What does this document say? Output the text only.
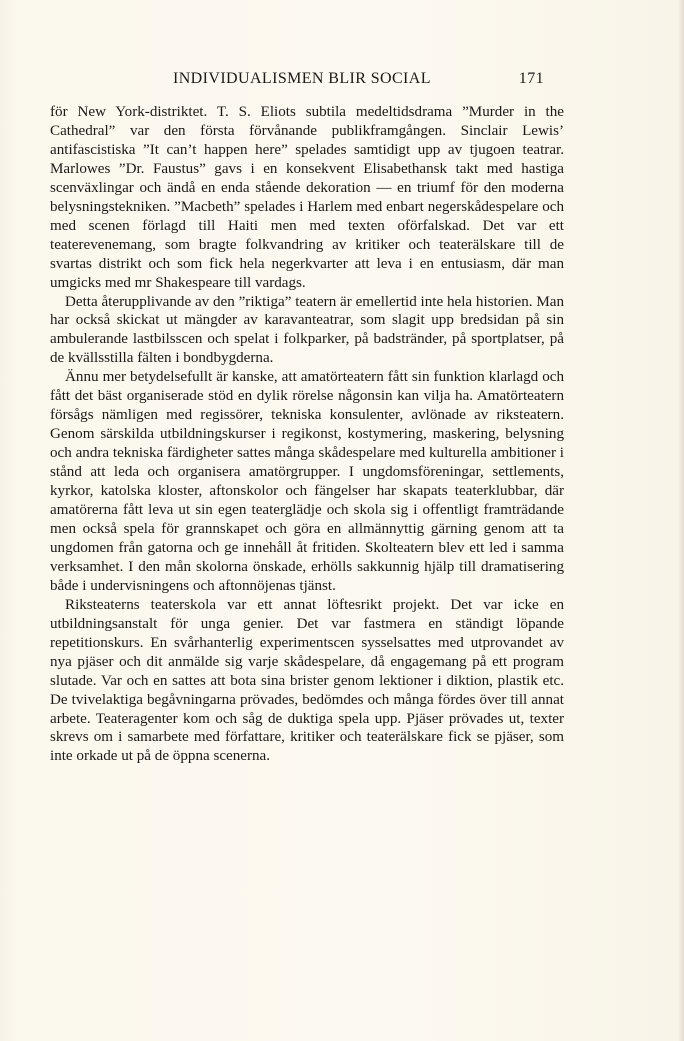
INDIVIDUALISMEN BLIR SOCIAL	171

för New York-distriktet. T. S. Eliots subtila medeltidsdrama ”Murder in the Cathedral” var den första förvånande publikframgången. Sinclair Lewis’ antifascistiska ”It can’t happen here” spelades samtidigt upp av tjugoen teatrar. Marlowes ”Dr. Faustus” gavs i en konsekvent Elisabethansk takt med hastiga scenväxlingar och ändå en enda stående dekoration — en triumf för den moderna belysningstekniken. ”Macbeth” spelades i Harlem med enbart negerskådespelare och med scenen förlagd till Haiti men med texten oförfalskad. Det var ett teaterevenemang, som bragte folkvandring av kritiker och teaterälskare till de svartas distrikt och som fick hela negerkvarter att leva i en entusiasm, där man umgicks med mr Shakespeare till vardags.

Detta återupplivande av den ”riktiga” teatern är emellertid inte hela historien. Man har också skickat ut mängder av karavanteatrar, som slagit upp bredsidan på sin ambulerande lastbilsscen och spelat i folkparker, på badstränder, på sportplatser, på de kvällsstilla fälten i bondbygderna.

Ännu mer betydelsefullt är kanske, att amatörteatern fått sin funktion klarlagd och fått det bäst organiserade stöd en dylik rörelse någonsin kan vilja ha. Amatörteatern försågs nämligen med regissörer, tekniska konsulenter, avlönade av riksteatern. Genom särskilda utbildningskurser i regikonst, kostymering, maskering, belysning och andra tekniska färdigheter sattes många skådespelare med kulturella ambitioner i stånd att leda och organisera amatörgrupper. I ungdomsföreningar, settlements, kyrkor, katolska kloster, aftonskolor och fängelser har skapats teaterklubbar, där amatörerna fått leva ut sin egen teaterglädje och skola sig i offentligt framträdande men också spela för grannskapet och göra en allmännyttig gärning genom att ta ungdomen från gatorna och ge innehåll åt fritiden. Skolteatern blev ett led i samma verksamhet. I den mån skolorna önskade, erhölls sakkunnig hjälp till dramatisering både i undervisningens och aftonnöjenas tjänst.

Riksteaterns teaterskola var ett annat löftesrikt projekt. Det var icke en utbildningsanstalt för unga genier. Det var fastmera en ständigt löpande repetitionskurs. En svårhanterlig experimentscen sysselsattes med utprovandet av nya pjäser och dit anmälde sig varje skådespelare, då engagemang på ett program slutade. Var och en sattes att bota sina brister genom lektioner i diktion, plastik etc. De tvivelaktiga begåvningarna prövades, bedömdes och många fördes över till annat arbete. Teateragenter kom och såg de duktiga spela upp. Pjäser prövades ut, texter skrevs om i samarbete med författare, kritiker och teaterälskare fick se pjäser, som inte orkade ut på de öppna scenerna.
